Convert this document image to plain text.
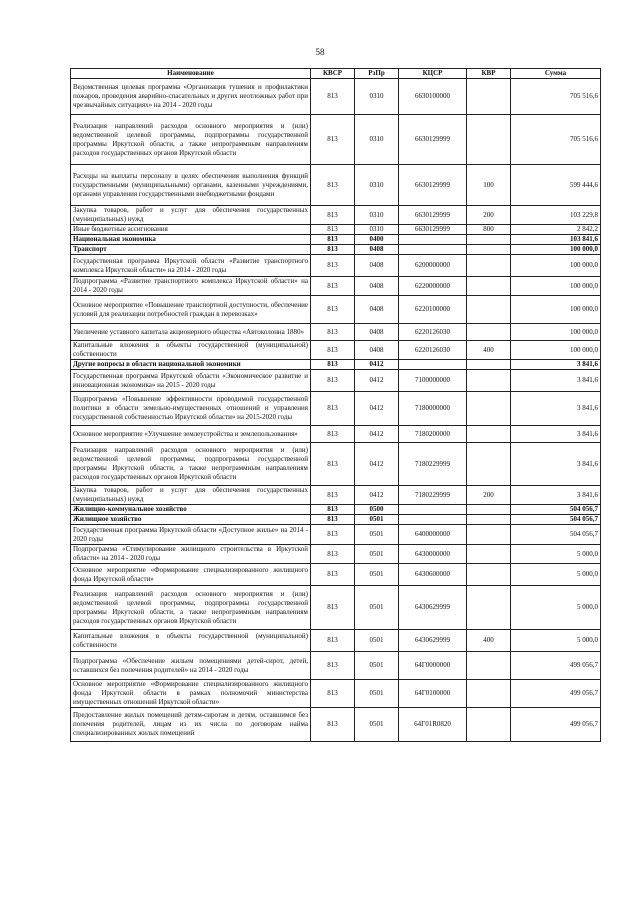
58
Наименование	КВСР	РзПр	КЦСР	КВР	Сумма
Ведомственная целевая программа «Организация тушения и профилактики пожаров, проведения аварийно-спасательных и других неотложных работ при чрезвычайных ситуациях» на 2014 - 2020 годы	813	0310	6630100000		705 516,6
Реализация направлений расходов основного мероприятия и (или) ведомственной целевой программы, подпрограммы государственной программы Иркутской области, а также непрограммным направлениям расходов государственных органов Иркутской области	813	0310	6630129999		705 516,6
Расходы на выплаты персоналу в целях обеспечения выполнения функций государственными (муниципальными) органами, казенными учреждениями, органами управления государственными внебюджетными фондами	813	0310	6630129999	100	599 444,6
Закупка товаров, работ и услуг для обеспечения государственных (муниципальных) нужд	813	0310	6630129999	200	103 229,8
Иные бюджетные ассигнования	813	0310	6630129999	800	2 842,2
Национальная экономика	813	0400			103 841,6
Транспорт	813	0408			100 000,0
Государственная программа Иркутской области «Развитие транспортного комплекса Иркутской области» на 2014 - 2020 годы	813	0408	6200000000		100 000,0
Подпрограмма «Развитие транспортного комплекса Иркутской области» на 2014 - 2020 годы	813	0408	6220000000		100 000,0
Основное мероприятие «Повышение транспортной доступности, обеспечение условий для реализации потребностей граждан в перевозках»	813	0408	6220100000		100 000,0
Увеличение уставного капитала акционерного общества «Автоколонна 1880»	813	0408	6220126030		100 000,0
Капитальные вложения в объекты государственной (муниципальной) собственности	813	0408	6220126030	400	100 000,0
Другие вопросы в области национальной экономики	813	0412			3 841,6
Государственная программа Иркутской области «Экономическое развитие и инновационная экономика» на 2015 - 2020 годы	813	0412	7100000000		3 841,6
Подпрограмма «Повышение эффективности проводимой государственной политики в области земельно-имущественных отношений и управления государственной собственностью Иркутской области» на 2015-2020 годы	813	0412	7180000000		3 841,6
Основное мероприятие «Улучшение землеустройства и землепользования»	813	0412	7180200000		3 841,6
Реализация направлений расходов основного мероприятия и (или) ведомственной целевой программы, подпрограммы государственной программы Иркутской области, а также непрограммным направлениям расходов государственных органов Иркутской области	813	0412	7180229999		3 841,6
Закупка товаров, работ и услуг для обеспечения государственных (муниципальных) нужд	813	0412	7180229999	200	3 841,6
Жилищно-коммунальное хозяйство	813	0500			504 056,7
Жилищное хозяйство	813	0501			504 056,7
Государственная программа Иркутской области «Доступное жилье» на 2014 - 2020 годы	813	0501	6400000000		504 056,7
Подпрограмма «Стимулирование жилищного строительства в Иркутской области» на 2014 - 2020 годы	813	0501	6430000000		5 000,0
Основное мероприятие «Формирование специализированного жилищного фонда Иркутской области»	813	0501	6430600000		5 000,0
Реализация направлений расходов основного мероприятия и (или) ведомственной целевой программы, подпрограммы государственной программы Иркутской области, а также непрограммным направлениям расходов государственных органов Иркутской области	813	0501	6430629999		5 000,0
Капитальные вложения в объекты государственной (муниципальной) собственности	813	0501	6430629999	400	5 000,0
Подпрограмма «Обеспечение жильем помещениями детей-сирот, детей, оставшихся без попечения родителей» на 2014 - 2020 годы	813	0501	64Г0000000		499 056,7
Основное мероприятие «Формирование специализированного жилищного фонда Иркутской области в рамках полномочий министерства имущественных отношений Иркутской области»	813	0501	64Г0100000		499 056,7
Предоставление жилых помещений детям-сиротам и детям, оставшимся без попечения родителей, лицам из их числа по договорам найма специализированных жилых помещений	813	0501	64Г01R0820		499 056,7
